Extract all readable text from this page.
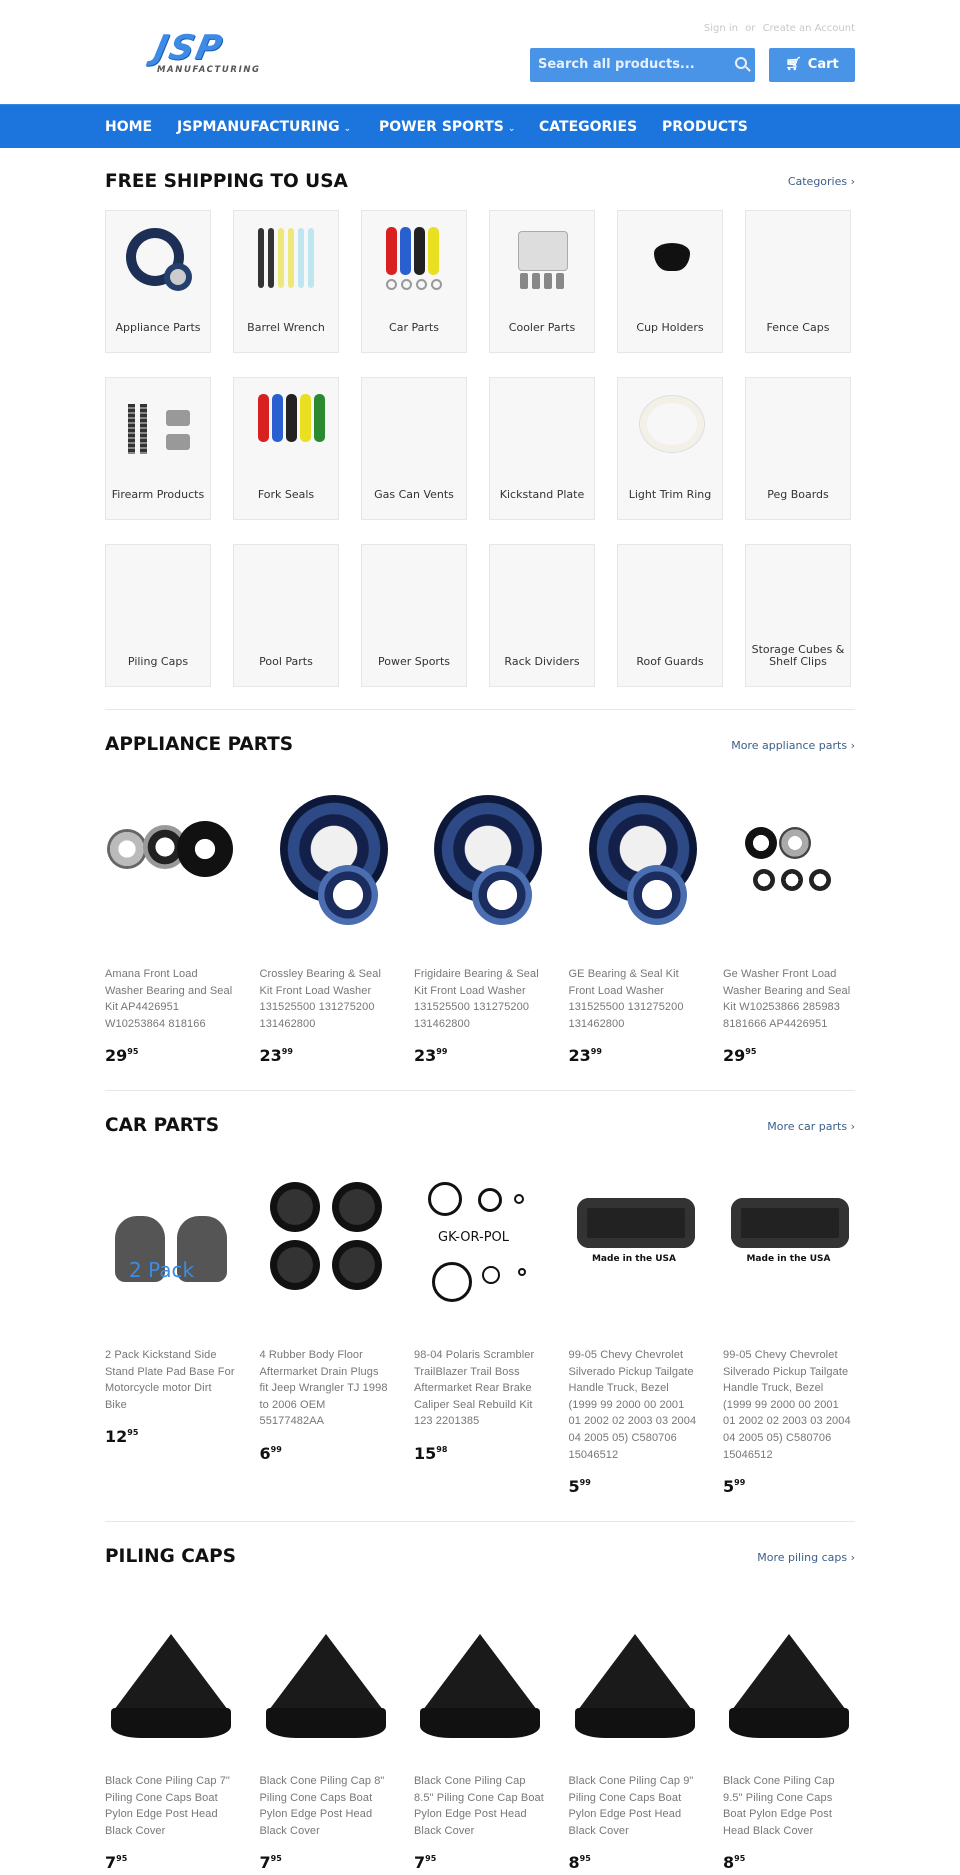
JSP
MANUFACTURING
Sign in or Create an Account
Search all products...	🛒︎ Cart
HOME JSPMANUFACTURING ⌄ POWER SPORTS ⌄ CATEGORIES PRODUCTS
FREE SHIPPING TO USA	Categories ›
Appliance Parts	Barrel Wrench	Car Parts	Cooler Parts	Cup Holders	Fence Caps
Firearm Products	Fork Seals	Gas Can Vents	Kickstand Plate	Light Trim Ring	Peg Boards
Piling Caps	Pool Parts	Power Sports	Rack Dividers	Roof Guards
Storage Cubes & Shelf Clips
APPLIANCE PARTS	More appliance parts ›
Amana Front Load Washer Bearing and Seal Kit AP4426951 W10253864 818166
$29^{95}$
Crossley Bearing & Seal Kit Front Load Washer 131525500 131275200 131462800
$23^{99}$
Frigidaire Bearing & Seal Kit Front Load Washer 131525500 131275200 131462800
$23^{99}$
GE Bearing & Seal Kit Front Load Washer 131525500 131275200 131462800
$23^{99}$
Ge Washer Front Load Washer Bearing and Seal Kit W10253866 285983 8181666 AP4426951
$29^{95}$
CAR PARTS	More car parts ›
2 Pack
2 Pack Kickstand Side Stand Plate Pad Base For Motorcycle motor Dirt Bike
$12^{95}$
4 Rubber Body Floor Aftermarket Drain Plugs fit Jeep Wrangler TJ 1998 to 2006 OEM 55177482AA
$6^{99}$
GK-OR-POL
98-04 Polaris Scrambler TrailBlazer Trail Boss Aftermarket Rear Brake Caliper Seal Rebuild Kit 123 2201385
$15^{98}$
Made in the USA
99-05 Chevy Chevrolet Silverado Pickup Tailgate Handle Truck, Bezel (1999 99 2000 00 2001 01 2002 02 2003 03 2004 04 2005 05) C580706 15046512
$5^{99}$
Made in the USA
99-05 Chevy Chevrolet Silverado Pickup Tailgate Handle Truck, Bezel (1999 99 2000 00 2001 01 2002 02 2003 03 2004 04 2005 05) C580706 15046512
$5^{99}$
PILING CAPS	More piling caps ›
Black Cone Piling Cap 7" Piling Cone Caps Boat Pylon Edge Post Head Black Cover
$7^{95}$
Black Cone Piling Cap 8" Piling Cone Caps Boat Pylon Edge Post Head Black Cover
$7^{95}$
Black Cone Piling Cap 8.5" Piling Cone Cap Boat Pylon Edge Post Head Black Cover
$7^{95}$
Black Cone Piling Cap 9" Piling Cone Caps Boat Pylon Edge Post Head Black Cover
$8^{95}$
Black Cone Piling Cap 9.5" Piling Cone Caps Boat Pylon Edge Post Head Black Cover
$8^{95}$
